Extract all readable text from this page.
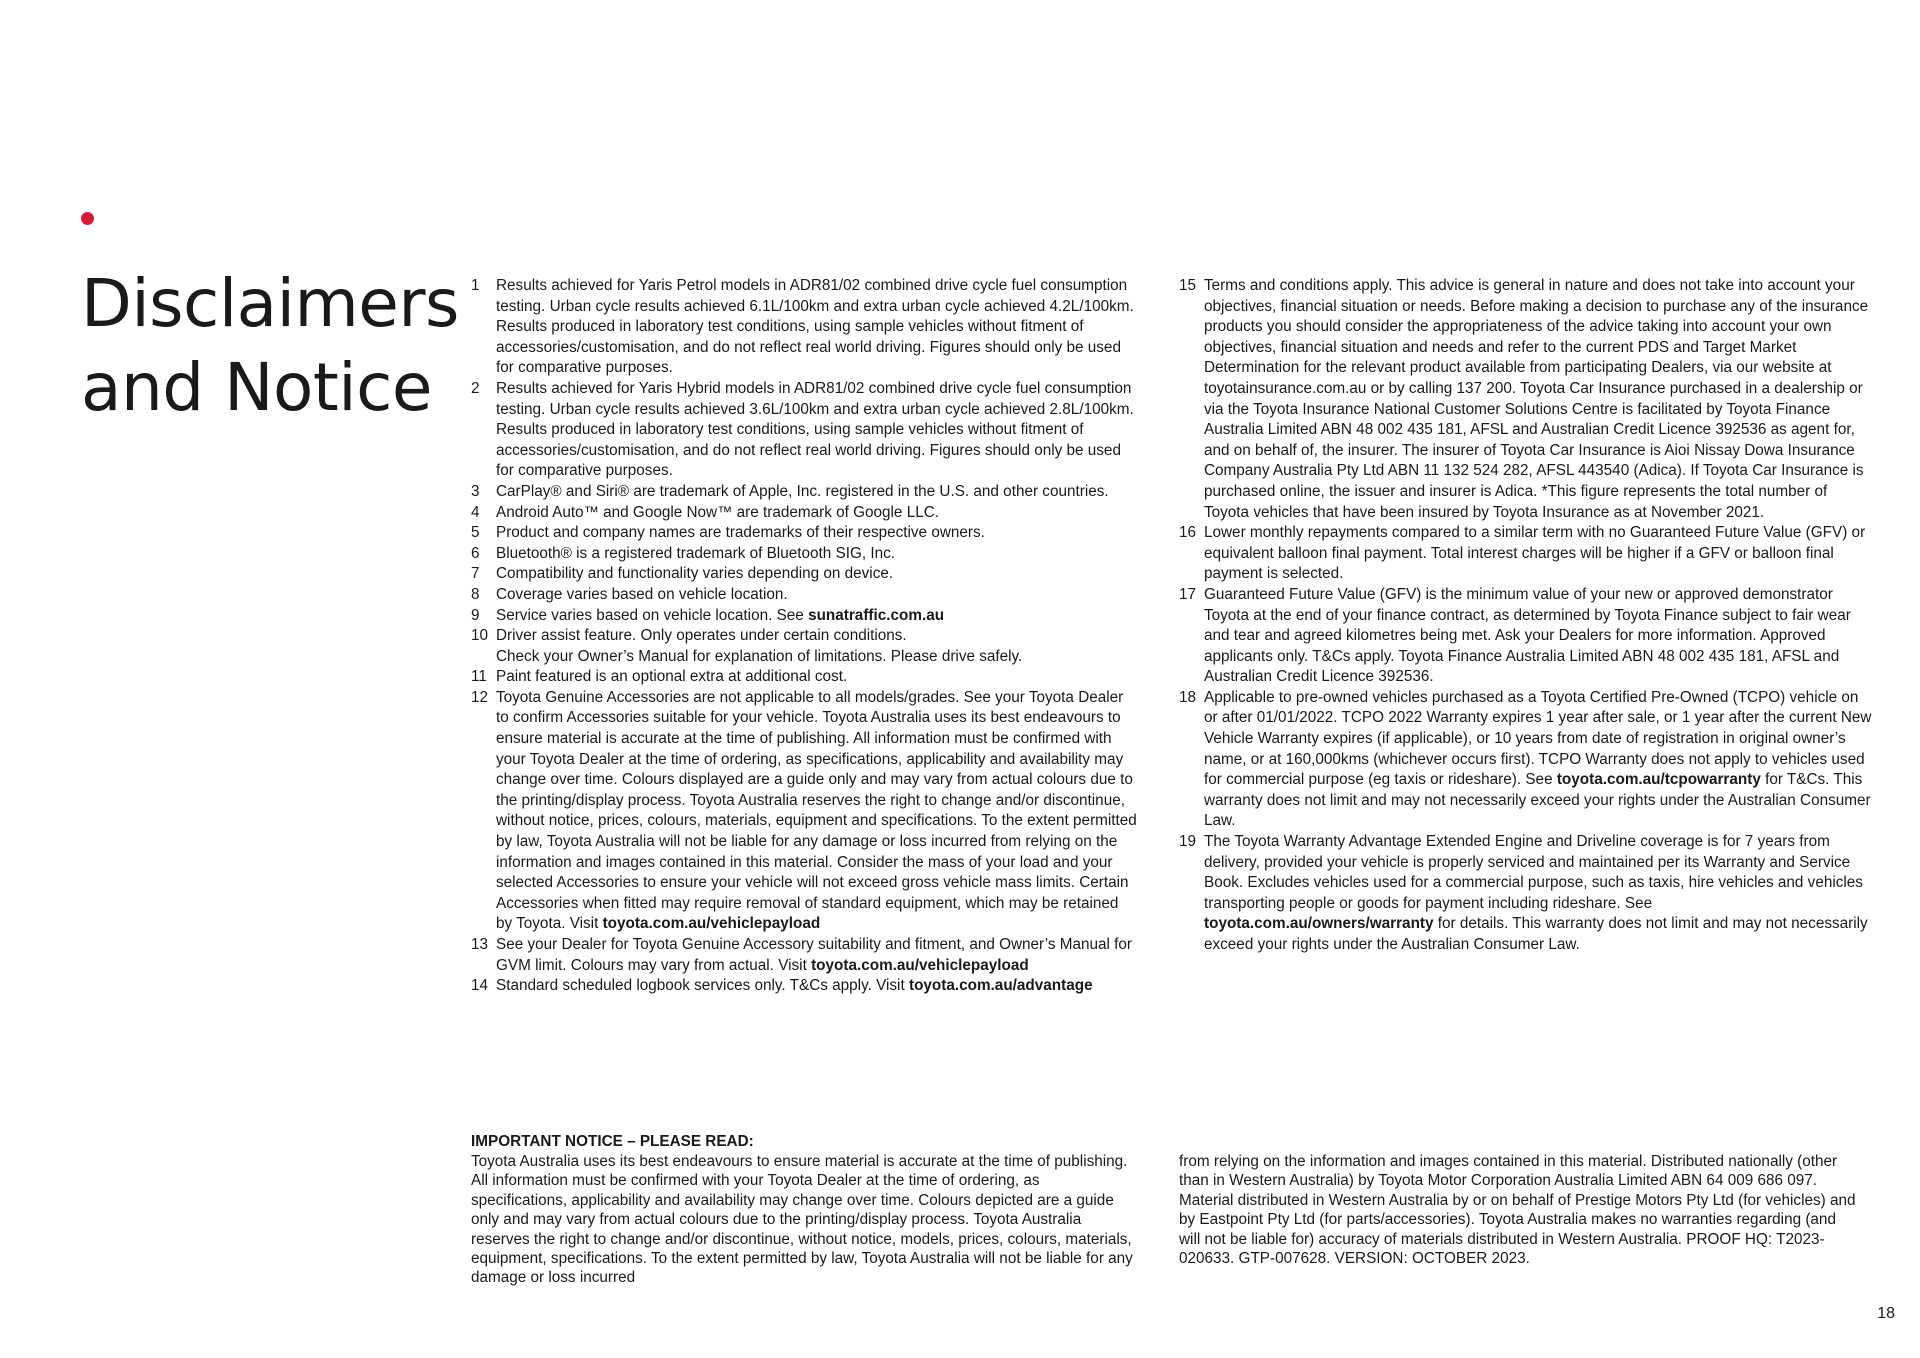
Disclaimers
and Notice
1	Results achieved for Yaris Petrol models in ADR81/02 combined drive cycle fuel consumption testing. Urban cycle results achieved 6.1L/100km and extra urban cycle achieved 4.2L/100km. Results produced in laboratory test conditions, using sample vehicles without fitment of accessories/customisation, and do not reflect real world driving. Figures should only be used for comparative purposes.
2	Results achieved for Yaris Hybrid models in ADR81/02 combined drive cycle fuel consumption testing. Urban cycle results achieved 3.6L/100km and extra urban cycle achieved 2.8L/100km. Results produced in laboratory test conditions, using sample vehicles without fitment of accessories/customisation, and do not reflect real world driving. Figures should only be used for comparative purposes.
3	CarPlay® and Siri® are trademark of Apple, Inc. registered in the U.S. and other countries.
4	Android Auto™ and Google Now™ are trademark of Google LLC.
5	Product and company names are trademarks of their respective owners.
6	Bluetooth® is a registered trademark of Bluetooth SIG, Inc.
7	Compatibility and functionality varies depending on device.
8	Coverage varies based on vehicle location.
9	Service varies based on vehicle location. See sunatraffic.com.au
10 Driver assist feature. Only operates under certain conditions.

Check your Owner’s Manual for explanation of limitations. Please drive safely.

11 Paint featured is an optional extra at additional cost.
12 Toyota Genuine Accessories are not applicable to all models/grades. See your Toyota Dealer to confirm Accessories suitable for your vehicle. Toyota Australia uses its best endeavours to ensure material is accurate at the time of publishing. All information must be confirmed with your Toyota Dealer at the time of ordering, as specifications, applicability and availability may change over time. Colours displayed are a guide only and may vary from actual colours due to the printing/display process. Toyota Australia reserves the right to change and/or discontinue, without notice, prices, colours, materials, equipment and specifications. To the extent permitted by law, Toyota Australia will not be liable for any damage or loss incurred from relying on the information and images contained in this material. Consider the mass of your load and your selected Accessories to ensure your vehicle will not exceed gross vehicle mass limits. Certain Accessories when fitted may require removal of standard equipment, which may be retained by Toyota. Visit toyota.com.au/vehiclepayload
13 See your Dealer for Toyota Genuine Accessory suitability and fitment, and Owner’s Manual for GVM limit. Colours may vary from actual. Visit toyota.com.au/vehiclepayload
14 Standard scheduled logbook services only. T&Cs apply. Visit toyota.com.au/advantage
15 Terms and conditions apply. This advice is general in nature and does not take into account your objectives, financial situation or needs. Before making a decision to purchase any of the insurance products you should consider the appropriateness of the advice taking into account your own objectives, financial situation and needs and refer to the current PDS and Target Market Determination for the relevant product available from participating Dealers, via our website at toyotainsurance.com.au or by calling 137 200. Toyota Car Insurance purchased in a dealership or via the Toyota Insurance National Customer Solutions Centre is facilitated by Toyota Finance Australia Limited ABN 48 002 435 181, AFSL and Australian Credit Licence 392536 as agent for, and on behalf of, the insurer. The insurer of Toyota Car Insurance is Aioi Nissay Dowa Insurance Company Australia Pty Ltd ABN 11 132 524 282, AFSL 443540 (Adica). If Toyota Car Insurance is purchased online, the issuer and insurer is Adica. *This figure represents the total number of Toyota vehicles that have been insured by Toyota Insurance as at November 2021.
16 Lower monthly repayments compared to a similar term with no Guaranteed Future Value (GFV) or equivalent balloon final payment. Total interest charges will be higher if a GFV or balloon final payment is selected.
17 Guaranteed Future Value (GFV) is the minimum value of your new or approved demonstrator Toyota at the end of your finance contract, as determined by Toyota Finance subject to fair wear and tear and agreed kilometres being met. Ask your Dealers for more information. Approved applicants only. T&Cs apply. Toyota Finance Australia Limited ABN 48 002 435 181, AFSL and Australian Credit Licence 392536.
18 Applicable to pre-owned vehicles purchased as a Toyota Certified Pre-Owned (TCPO) vehicle on or after 01/01/2022. TCPO 2022 Warranty expires 1 year after sale, or 1 year after the current New Vehicle Warranty expires (if applicable), or 10 years from date of registration in original owner’s name, or at 160,000kms (whichever occurs first). TCPO Warranty does not apply to vehicles used for commercial purpose (eg taxis or rideshare). See toyota.com.au/tcpowarranty for T&Cs. This warranty does not limit and may not necessarily exceed your rights under the Australian Consumer Law.
19 The Toyota Warranty Advantage Extended Engine and Driveline coverage is for 7 years from delivery, provided your vehicle is properly serviced and maintained per its Warranty and Service Book. Excludes vehicles used for a commercial purpose, such as taxis, hire vehicles and vehicles transporting people or goods for payment including rideshare. See toyota.com.au/owners/warranty for details. This warranty does not limit and may not necessarily exceed your rights under the Australian Consumer Law.
IMPORTANT NOTICE – PLEASE READ:

Toyota Australia uses its best endeavours to ensure material is accurate at the time of publishing. All information must be confirmed with your Toyota Dealer at the time of ordering, as specifications, applicability and availability may change over time. Colours depicted are a guide only and may vary from actual colours due to the printing/display process. Toyota Australia reserves the right to change and/or discontinue, without notice, models, prices, colours, materials, equipment, specifications. To the extent permitted by law, Toyota Australia will not be liable for any damage or loss incurred

from relying on the information and images contained in this material. Distributed nationally (other than in Western Australia) by Toyota Motor Corporation Australia Limited ABN 64 009 686 097. Material distributed in Western Australia by or on behalf of Prestige Motors Pty Ltd (for vehicles) and by Eastpoint Pty Ltd (for parts/accessories). Toyota Australia makes no warranties regarding (and will not be liable for) accuracy of materials distributed in Western Australia. PROOF HQ: T2023-020633. GTP-007628. VERSION: OCTOBER 2023.

18
